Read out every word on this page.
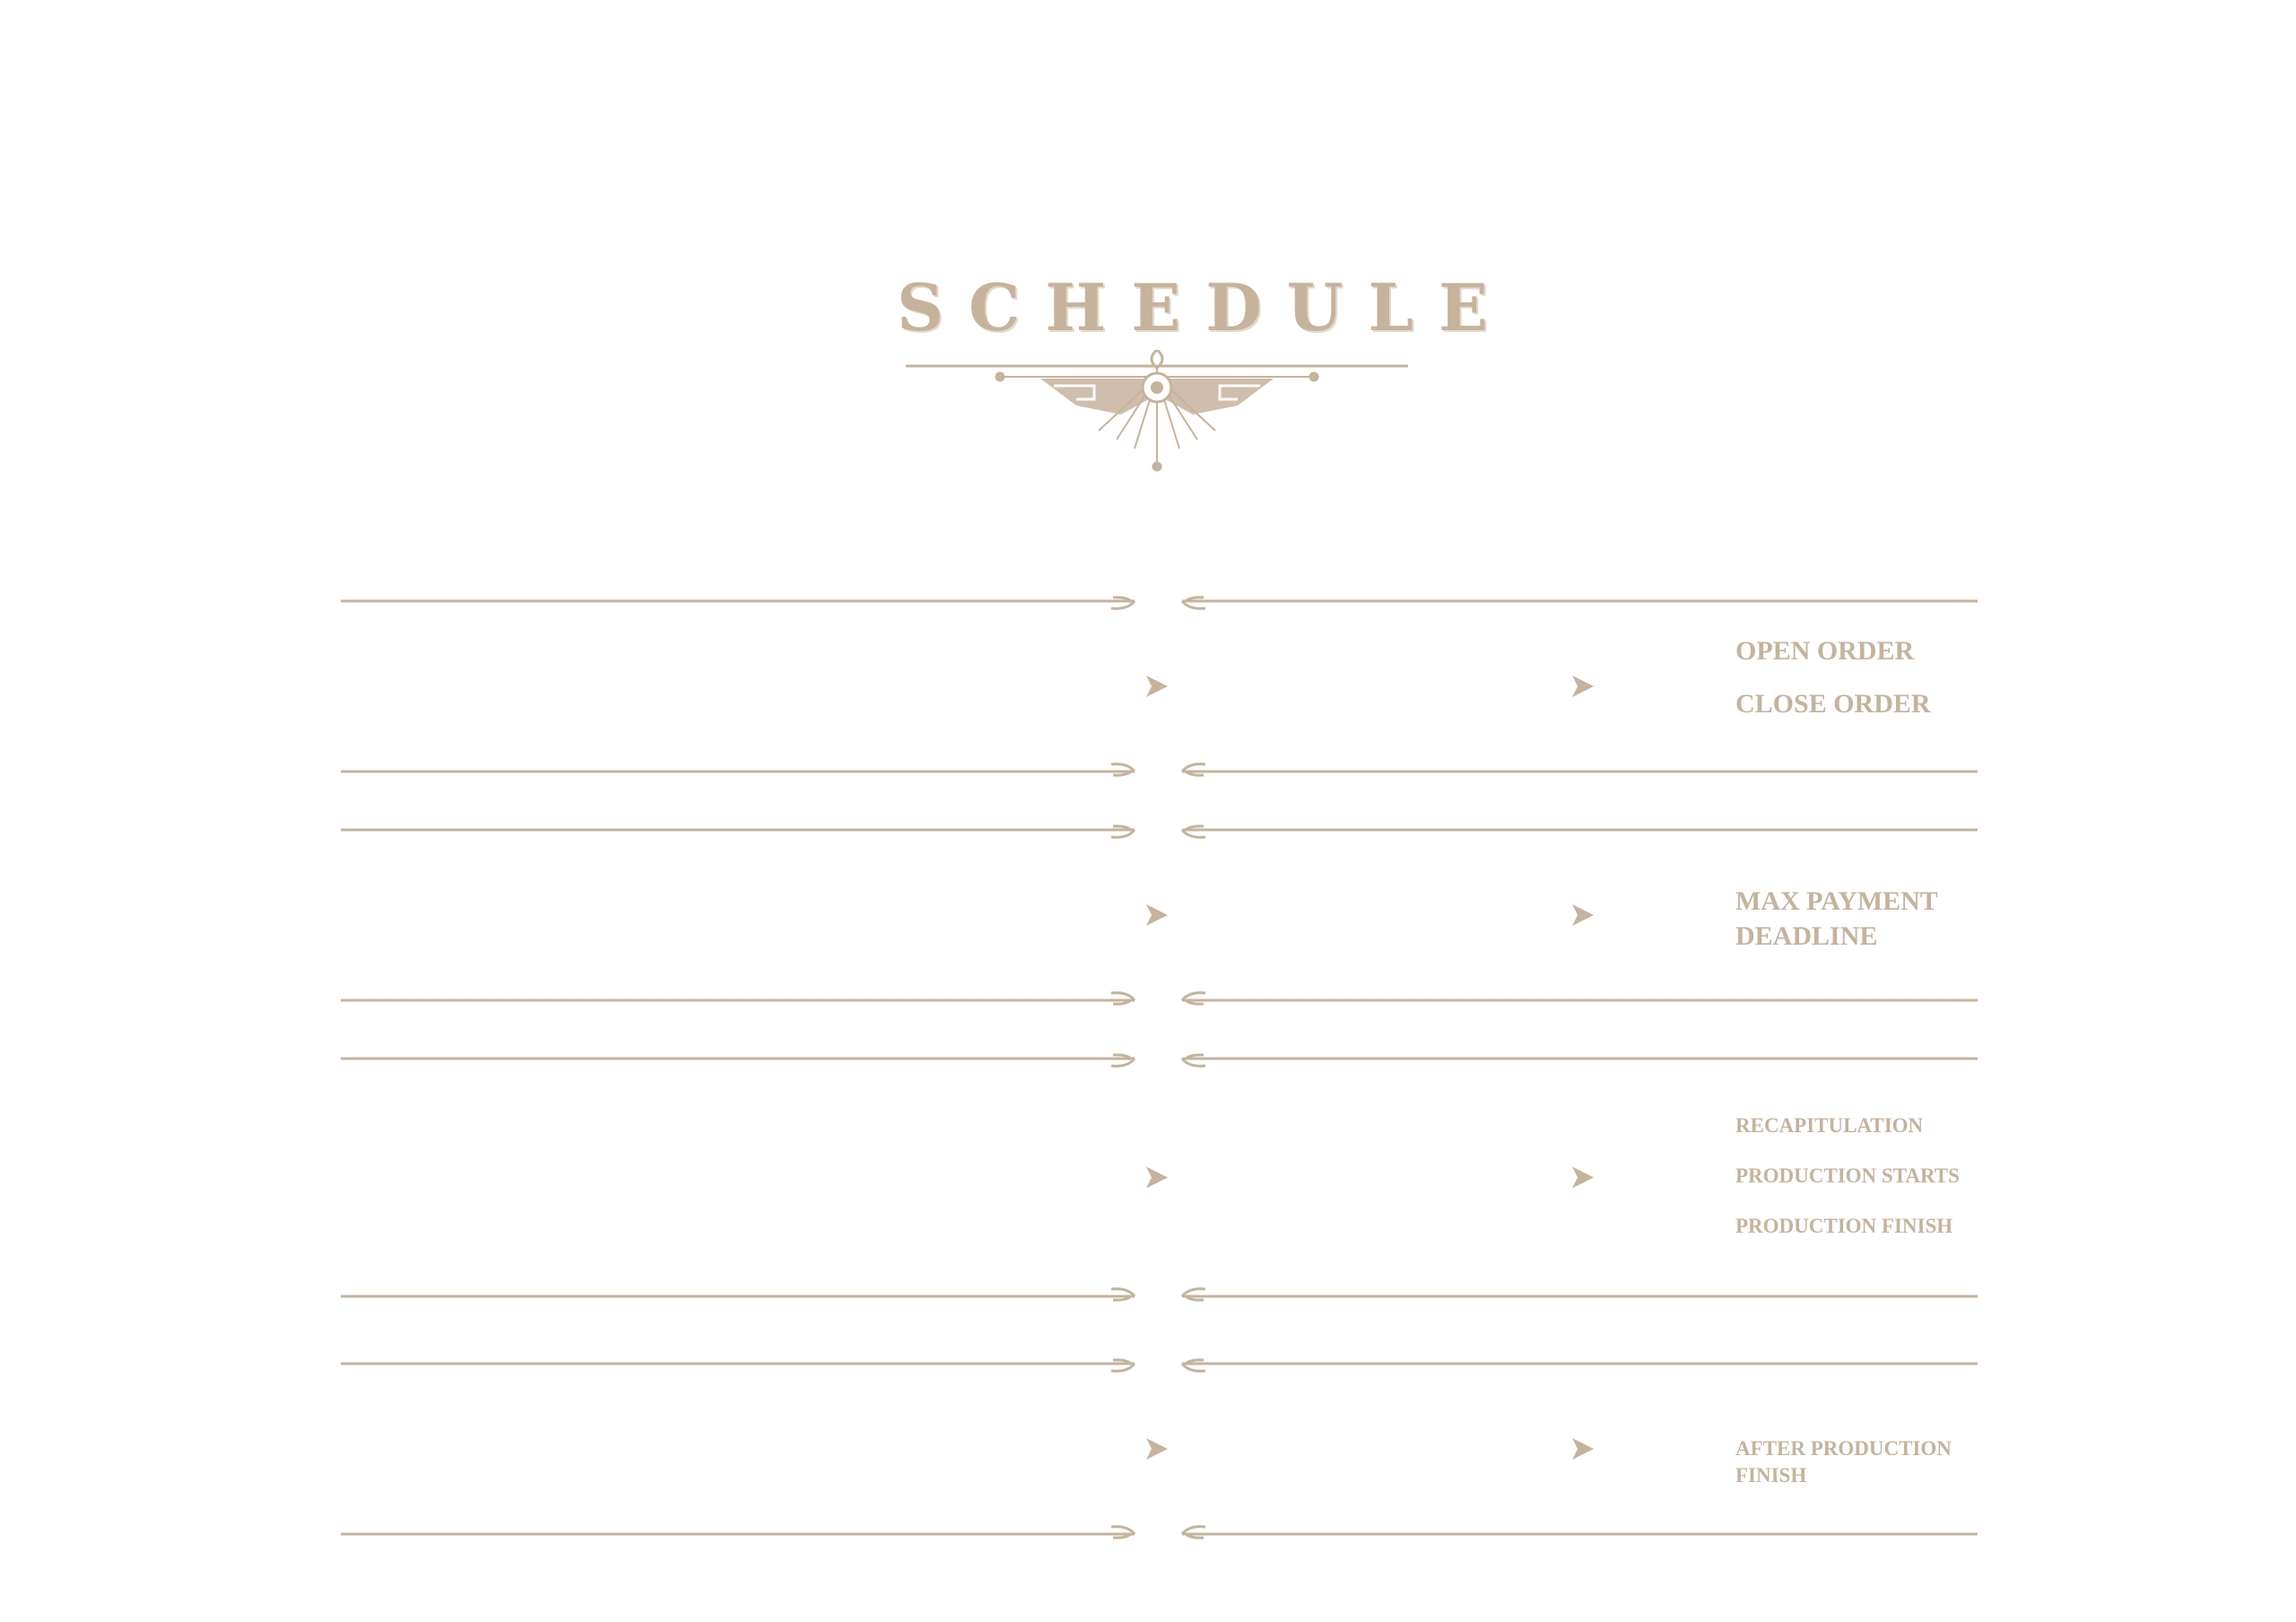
SCHEDULE
OPEN ORDER
CLOSE ORDER
MAX PAYMENT DEADLINE
RECAPITULATION
PRODUCTION STARTS
PRODUCTION FINISH
AFTER PRODUCTION FINISH
